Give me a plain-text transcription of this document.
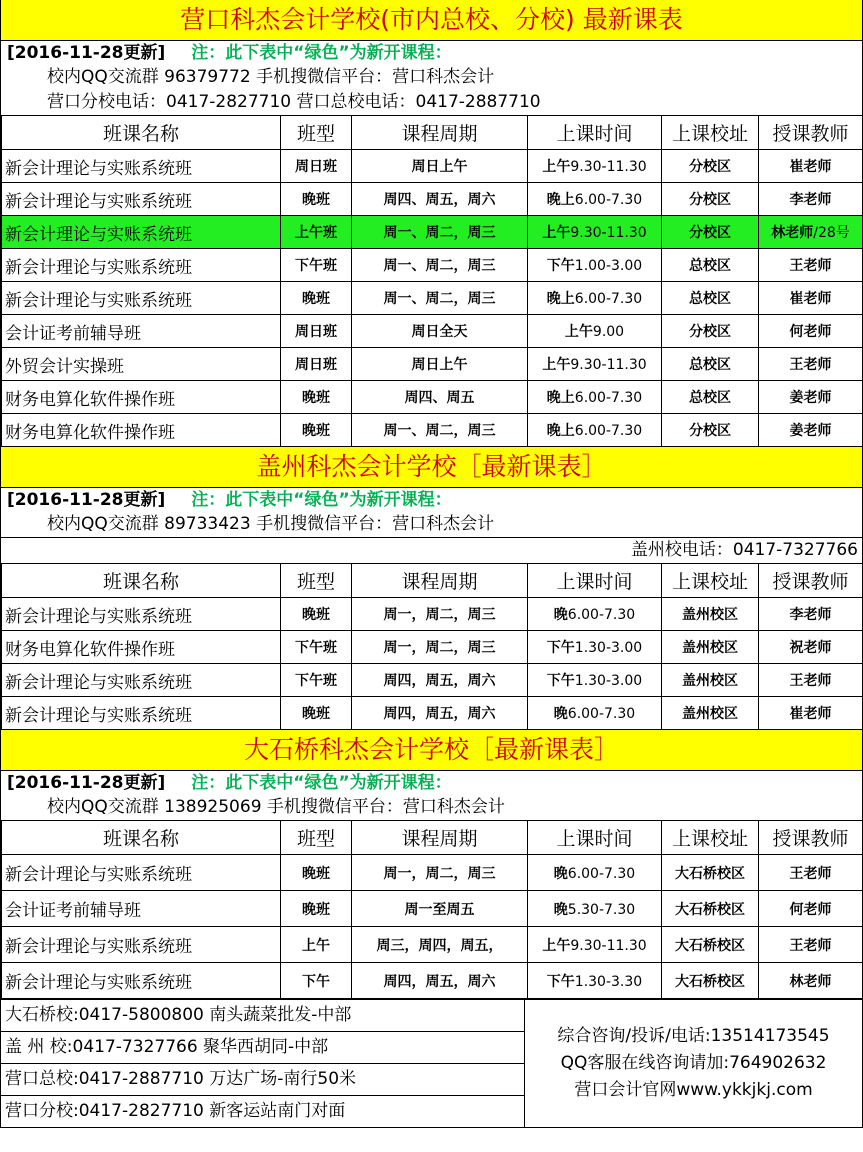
营口科杰会计学校(市内总校、分校) 最新课表
[2016-11-28更新] 注：此下表中“绿色”为新开课程：
校内QQ交流群 96379772 手机搜微信平台：营口科杰会计
营口分校电话：0417-2827710 营口总校电话：0417-2887710
班课名称	班型	课程周期	上课时间	上课校址	授课教师
新会计理论与实账系统班	周日班	周日上午	上午9.30-11.30	分校区	崔老师
新会计理论与实账系统班	晚班	周四、周五，周六	晚上6.00-7.30	分校区	李老师
新会计理论与实账系统班	上午班	周一、周二，周三	上午9.30-11.30	分校区	林老师/28号
新会计理论与实账系统班	下午班	周一、周二，周三	下午1.00-3.00	总校区	王老师
新会计理论与实账系统班	晚班	周一、周二，周三	晚上6.00-7.30	总校区	崔老师
会计证考前辅导班	周日班	周日全天	上午9.00	分校区	何老师
外贸会计实操班	周日班	周日上午	上午9.30-11.30	总校区	王老师
财务电算化软件操作班	晚班	周四、周五	晚上6.00-7.30	总校区	姜老师
财务电算化软件操作班	晚班	周一、周二，周三	晚上6.00-7.30	分校区	姜老师
盖州科杰会计学校［最新课表］
[2016-11-28更新] 注：此下表中“绿色”为新开课程：
校内QQ交流群 89733423 手机搜微信平台：营口科杰会计
盖州校电话：0417-7327766
班课名称	班型	课程周期	上课时间	上课校址	授课教师
新会计理论与实账系统班	晚班	周一，周二，周三	晚6.00-7.30	盖州校区	李老师
财务电算化软件操作班	下午班	周一，周二，周三	下午1.30-3.00	盖州校区	祝老师
新会计理论与实账系统班	下午班	周四，周五，周六	下午1.30-3.00	盖州校区	王老师
新会计理论与实账系统班	晚班	周四，周五，周六	晚6.00-7.30	盖州校区	崔老师
大石桥科杰会计学校［最新课表］
[2016-11-28更新] 注：此下表中“绿色”为新开课程：
校内QQ交流群 138925069 手机搜微信平台：营口科杰会计
班课名称	班型	课程周期	上课时间	上课校址	授课教师
新会计理论与实账系统班	晚班	周一，周二，周三	晚6.00-7.30	大石桥校区	王老师
会计证考前辅导班	晚班	周一至周五	晚5.30-7.30	大石桥校区	何老师
新会计理论与实账系统班	上午	周三，周四，周五，	上午9.30-11.30	大石桥校区	王老师
新会计理论与实账系统班	下午	周四，周五，周六	下午1.30-3.30	大石桥校区	林老师
大石桥校:0417-5800800 南头蔬菜批发-中部
盖 州 校:0417-7327766 聚华西胡同-中部
营口总校:0417-2887710 万达广场-南行50米
营口分校:0417-2827710 新客运站南门对面
综合咨询/投诉/电话:13514173545
QQ客服在线咨询请加:764902632
营口会计官网www.ykkjkj.com
